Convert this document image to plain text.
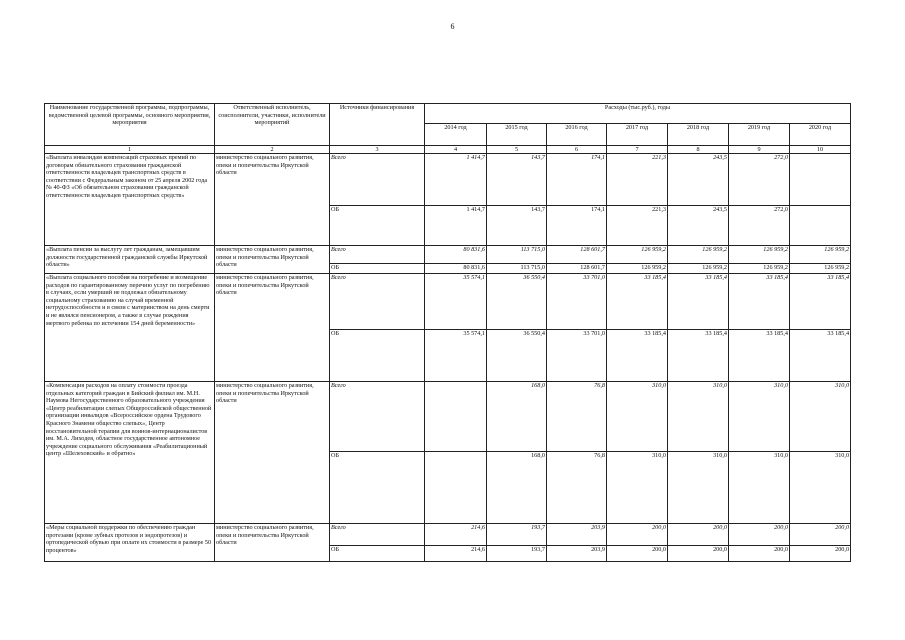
6
Наименование государственной программы, подпрограммы, ведомственной целевой программы, основного мероприятия, мероприятия	Ответственный исполнитель, соисполнители, участники, исполнители мероприятий	Источники финансирования	Расходы (тыс.руб.), годы						
			2014 год	2015 год	2016 год	2017 год	2018 год	2019 год	2020 год
1	2	3	4	5	6	7	8	9	10
«Выплата инвалидам компенсаций страховых премий по договорам обязательного страхования гражданской ответственности владельцев транспортных средств в соответствии с Федеральным законом от 25 апреля 2002 года № 40-ФЗ «Об обязательном страховании гражданской ответственности владельцев транспортных средств»	министерство социального развития, опеки и попечительства Иркутской области	Всего	1 414,7	143,7	174,1	221,3	243,5	272,0	
		ОБ	1 414,7	143,7	174,1	221,3	243,5	272,0	
«Выплата пенсии за выслугу лет гражданам, замещавшим должности государственной гражданской службы Иркутской области»	министерство социального развития, опеки и попечительства Иркутской области	Всего	80 831,6	113 715,0	128 601,7	126 959,2	126 959,2	126 959,2	126 959,2
		ОБ	80 831,6	113 715,0	128 601,7	126 959,2	126 959,2	126 959,2	126 959,2
«Выплата социального пособия на погребение и возмещение расходов по гарантированному перечню услуг по погребению в случаях, если умерший не подлежал обязательному социальному страхованию на случай временной нетрудоспособности и в связи с материнством на день смерти и не являлся пенсионером, а также в случае рождения мертвого ребенка по истечении 154 дней беременности»	министерство социального развития, опеки и попечительства Иркутской области	Всего	35 574,1	36 550,4	33 701,0	33 185,4	33 185,4	33 185,4	33 185,4
		ОБ	35 574,1	36 550,4	33 701,0	33 185,4	33 185,4	33 185,4	33 185,4
«Компенсация расходов на оплату стоимости проезда отдельных категорий граждан в Бийский филиал им. М.Н. Наумова Негосударственного образовательного учреждения «Центр реабилитации слепых Общероссийской общественной организации инвалидов «Всероссийское ордена Трудового Красного Знамени общество слепых», Центр восстановительной терапии для воинов-интернационалистов им. М.А. Лиходея, областное государственное автономное учреждение социального обслуживания «Реабилитационный центр «Шелеховский» и обратно»	министерство социального развития, опеки и попечительства Иркутской области	Всего		168,0	76,8	310,0	310,0	310,0	310,0
		ОБ		168,0	76,8	310,0	310,0	310,0	310,0
«Меры социальной поддержки по обеспечению граждан протезами (кроме зубных протезов и эндопротезов) и ортопедической обувью при оплате их стоимости в размере 50 процентов»	министерство социального развития, опеки и попечительства Иркутской области	Всего	214,6	193,7	203,9	200,0	200,0	200,0	200,0
		ОБ	214,6	193,7	203,9	200,0	200,0	200,0	200,0
